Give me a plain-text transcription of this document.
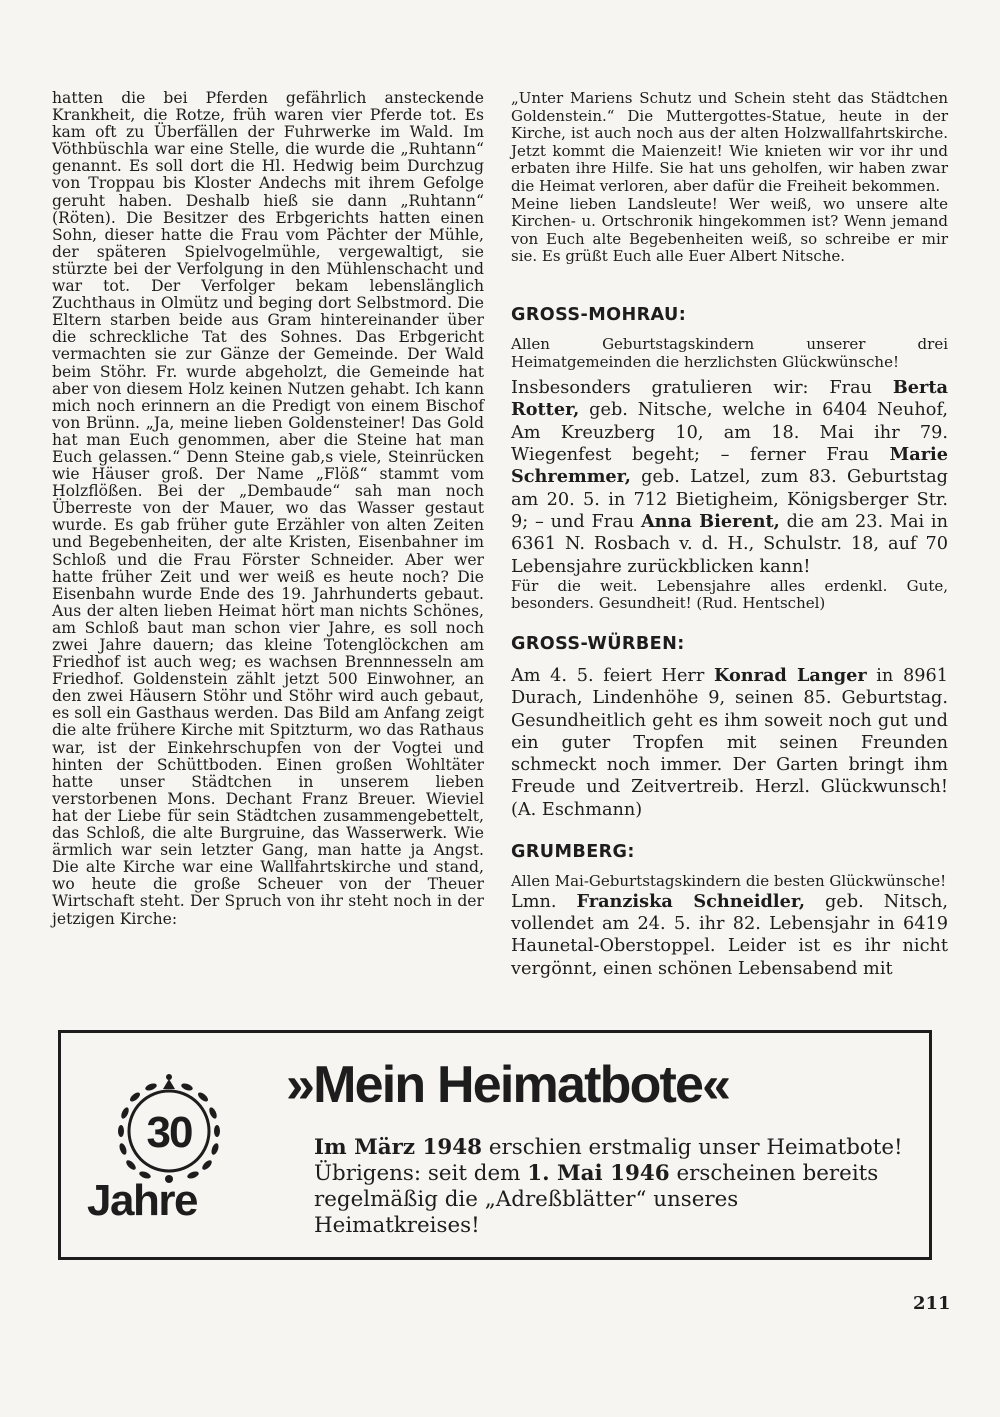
hatten die bei Pferden gefährlich ansteckende Krankheit, die Rotze, früh waren vier Pferde tot. Es kam oft zu Überfällen der Fuhrwerke im Wald. Im Vöthbüschla war eine Stelle, die wurde die „Ruhtann“ genannt. Es soll dort die Hl. Hedwig beim Durchzug von Troppau bis Kloster Andechs mit ihrem Gefolge geruht haben. Deshalb hieß sie dann „Ruhtann“ (Röten). Die Besitzer des Erbgerichts hatten einen Sohn, dieser hatte die Frau vom Pächter der Mühle, der späteren Spielvogelmühle, vergewaltigt, sie stürzte bei der Verfolgung in den Mühlenschacht und war tot. Der Verfolger bekam lebenslänglich Zuchthaus in Olmütz und beging dort Selbstmord. Die Eltern starben beide aus Gram hintereinander über die schreckliche Tat des Sohnes. Das Erbgericht vermachten sie zur Gänze der Gemeinde. Der Wald beim Stöhr. Fr. wurde abgeholzt, die Gemeinde hat aber von diesem Holz keinen Nutzen gehabt. Ich kann mich noch erinnern an die Predigt von einem Bischof von Brünn. „Ja, meine lieben Goldensteiner! Das Gold hat man Euch genommen, aber die Steine hat man Euch gelassen.“ Denn Steine gab,s viele, Steinrücken wie Häuser groß. Der Name „Flöß“ stammt vom Holzflößen. Bei der „Dembaude“ sah man noch Überreste von der Mauer, wo das Wasser gestaut wurde. Es gab früher gute Erzähler von alten Zeiten und Begebenheiten, der alte Kristen, Eisenbahner im Schloß und die Frau Förster Schneider. Aber wer hatte früher Zeit und wer weiß es heute noch? Die Eisenbahn wurde Ende des 19. Jahrhunderts gebaut. Aus der alten lieben Heimat hört man nichts Schönes, am Schloß baut man schon vier Jahre, es soll noch zwei Jahre dauern; das kleine Totenglöckchen am Friedhof ist auch weg; es wachsen Brennnesseln am Friedhof. Goldenstein zählt jetzt 500 Einwohner, an den zwei Häusern Stöhr und Stöhr wird auch gebaut, es soll ein Gasthaus werden. Das Bild am Anfang zeigt die alte frühere Kirche mit Spitzturm, wo das Rathaus war, ist der Einkehrschupfen von der Vogtei und hinten der Schüttboden. Einen großen Wohltäter hatte unser Städtchen in unserem lieben verstorbenen Mons. Dechant Franz Breuer. Wieviel hat der Liebe für sein Städtchen zusammengebettelt, das Schloß, die alte Burgruine, das Wasserwerk. Wie ärmlich war sein letzter Gang, man hatte ja Angst. Die alte Kirche war eine Wallfahrtskirche und stand, wo heute die große Scheuer von der Theuer Wirtschaft steht. Der Spruch von ihr steht noch in der jetzigen Kirche:

„Unter Mariens Schutz und Schein steht das Städtchen Goldenstein.“ Die Muttergottes-Statue, heute in der Kirche, ist auch noch aus der alten Holzwallfahrtskirche. Jetzt kommt die Maienzeit! Wie knieten wir vor ihr und erbaten ihre Hilfe. Sie hat uns geholfen, wir haben zwar die Heimat verloren, aber dafür die Freiheit bekommen.

Meine lieben Landsleute! Wer weiß, wo unsere alte Kirchen- u. Ortschronik hingekommen ist? Wenn jemand von Euch alte Begebenheiten weiß, so schreibe er mir sie. Es grüßt Euch alle Euer Albert Nitsche.

GROSS-MOHRAU:

Allen Geburtstagskindern unserer drei Heimatgemeinden die herzlichsten Glückwünsche!

Insbesonders gratulieren wir: Frau Berta Rotter, geb. Nitsche, welche in 6404 Neuhof, Am Kreuzberg 10, am 18. Mai ihr 79. Wiegenfest begeht; – ferner Frau Marie Schremmer, geb. Latzel, zum 83. Geburtstag am 20. 5. in 712 Bietigheim, Königsberger Str. 9; – und Frau Anna Bierent, die am 23. Mai in 6361 N. Rosbach v. d. H., Schulstr. 18, auf 70 Lebensjahre zurückblicken kann!

Für die weit. Lebensjahre alles erdenkl. Gute, besonders. Gesundheit! (Rud. Hentschel)

GROSS-WÜRBEN:

Am 4. 5. feiert Herr Konrad Langer in 8961 Durach, Lindenhöhe 9, seinen 85. Geburtstag. Gesundheitlich geht es ihm soweit noch gut und ein guter Tropfen mit seinen Freunden schmeckt noch immer. Der Garten bringt ihm Freude und Zeitvertreib. Herzl. Glückwunsch! (A. Eschmann)

GRUMBERG:

Allen Mai-Geburtstagskindern die besten Glückwünsche!

Lmn. Franziska Schneidler, geb. Nitsch, vollendet am 24. 5. ihr 82. Lebensjahr in 6419 Haunetal-Oberstoppel. Leider ist es ihr nicht vergönnt, einen schönen Lebensabend mit

30
Jahre
»Mein Heimatbote«
Im März 1948 erschien erstmalig unser Heimatbote! Übrigens: seit dem 1. Mai 1946 erscheinen bereits regelmäßig die „Adreßblätter“ unseres Heimatkreises!
211
